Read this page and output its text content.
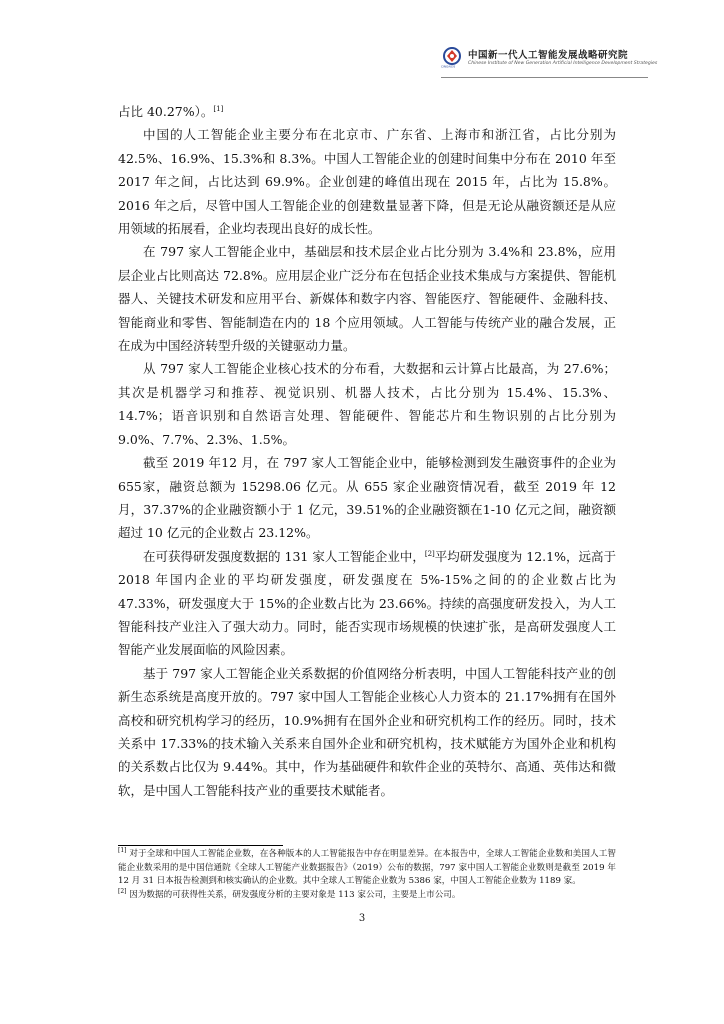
CINGAIDS
中国新一代人工智能发展战略研究院
Chinese Institute of New Generation Artificial Intelligence Development Strategies

占比 40.27%）。[1]

中国的人工智能企业主要分布在北京市、广东省、上海市和浙江省，占比分别为 42.5%、16.9%、15.3%和 8.3%。中国人工智能企业的创建时间集中分布在 2010 年至 2017 年之间，占比达到 69.9%。企业创建的峰值出现在 2015 年，占比为 15.8%。2016 年之后，尽管中国人工智能企业的创建数量显著下降，但是无论从融资额还是从应用领域的拓展看，企业均表现出良好的成长性。

在 797 家人工智能企业中，基础层和技术层企业占比分别为 3.4%和 23.8%，应用层企业占比则高达 72.8%。应用层企业广泛分布在包括企业技术集成与方案提供、智能机器人、关键技术研发和应用平台、新媒体和数字内容、智能医疗、智能硬件、金融科技、智能商业和零售、智能制造在内的 18 个应用领域。人工智能与传统产业的融合发展，正在成为中国经济转型升级的关键驱动力量。

从 797 家人工智能企业核心技术的分布看，大数据和云计算占比最高，为 27.6%；其次是机器学习和推荐、视觉识别、机器人技术，占比分别为 15.4%、15.3%、14.7%；语音识别和自然语言处理、智能硬件、智能芯片和生物识别的占比分别为 9.0%、7.7%、2.3%、1.5%。

截至 2019 年12 月，在 797 家人工智能企业中，能够检测到发生融资事件的企业为 655家，融资总额为 15298.06 亿元。从 655 家企业融资情况看，截至 2019 年 12 月，37.37%的企业融资额小于 1 亿元，39.51%的企业融资额在1-10 亿元之间，融资额超过 10 亿元的企业数占 23.12%。

在可获得研发强度数据的 131 家人工智能企业中，[2]平均研发强度为 12.1%，远高于 2018 年国内企业的平均研发强度，研发强度在 5%-15%之间的的企业数占比为 47.33%，研发强度大于 15%的企业数占比为 23.66%。持续的高强度研发投入，为人工智能科技产业注入了强大动力。同时，能否实现市场规模的快速扩张，是高研发强度人工智能产业发展面临的风险因素。

基于 797 家人工智能企业关系数据的价值网络分析表明，中国人工智能科技产业的创新生态系统是高度开放的。797 家中国人工智能企业核心人力资本的 21.17%拥有在国外高校和研究机构学习的经历，10.9%拥有在国外企业和研究机构工作的经历。同时，技术关系中 17.33%的技术输入关系来自国外企业和研究机构，技术赋能方为国外企业和机构的关系数占比仅为 9.44%。其中，作为基础硬件和软件企业的英特尔、高通、英伟达和微软，是中国人工智能科技产业的重要技术赋能者。

[1] 对于全球和中国人工智能企业数，在各种版本的人工智能报告中存在明显差异。在本报告中，全球人工智能企业数和美国人工智能企业数采用的是中国信通院《全球人工智能产业数据报告》（2019）公布的数据，797 家中国人工智能企业数则是截至 2019 年 12 月 31 日本报告检测到和核实确认的企业数。其中全球人工智能企业数为 5386 家，中国人工智能企业数为 1189 家。

[2] 因为数据的可获得性关系，研发强度分析的主要对象是 113 家公司，主要是上市公司。

3
